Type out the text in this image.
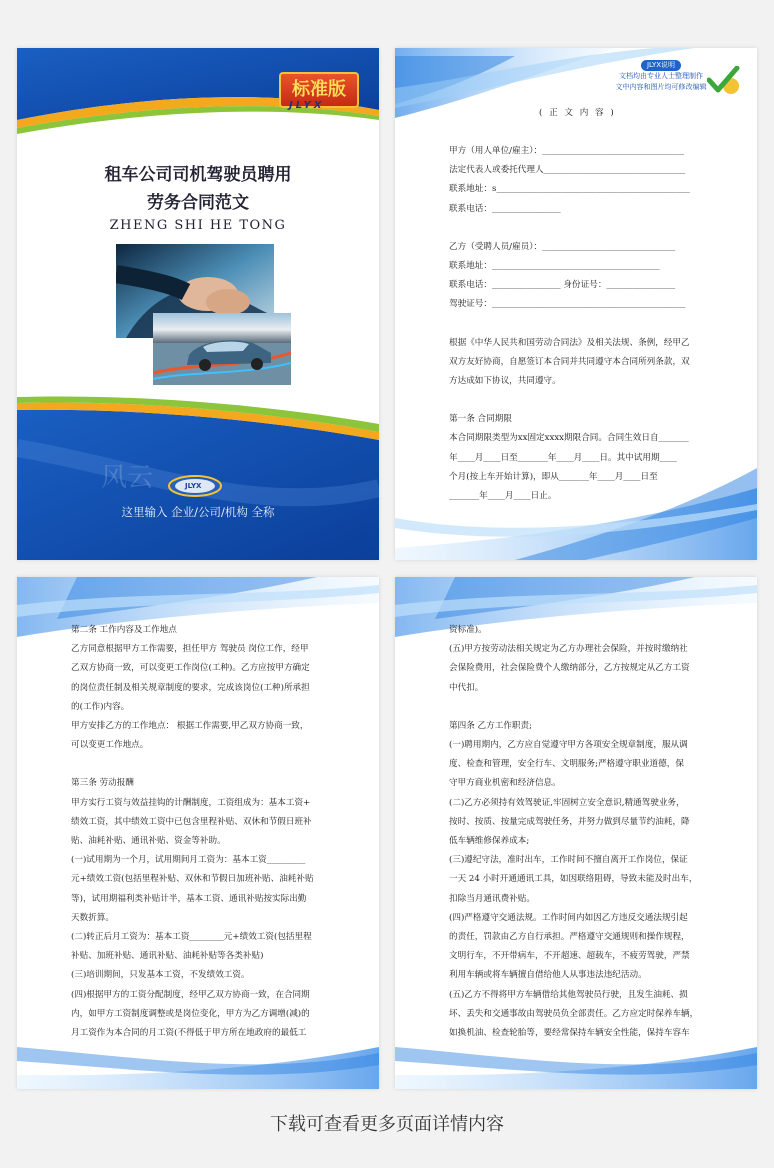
标准版
JLYX
租车公司司机驾驶员聘用
劳务合同范文
ZHENG SHI HE TONG
风云	JLYX
这里输入 企业/公司/机构 全称
JLYX说明
文档均由专业人士整理制作
文中内容和图片均可修改编辑
( 正 文 内 容 )

甲方（用人单位/雇主）：_________________________________

法定代表人或委托代理人_________________________________

联系地址：s_____________________________________________

联系电话：________________

乙方（受聘人员/雇员）：_______________________________

联系地址：_______________________________________

联系电话：________________ 身份证号：________________

驾驶证号：_____________________________________________

根据《中华人民共和国劳动合同法》及相关法规、条例，经甲乙

双方友好协商，自愿签订本合同并共同遵守本合同所列条款，双

方达成如下协议，共同遵守。

第一条 合同期限

本合同期限类型为xx固定xxxx期限合同。合同生效日自_______

年____月____日至_______年____月____日。其中试用期____

个月(按上车开始计算)，即从_______年____月____日至

_______年____月____日止。

第二条 工作内容及工作地点

乙方同意根据甲方工作需要，担任甲方 驾驶员 岗位工作，经甲

乙双方协商一致，可以变更工作岗位(工种)。乙方应按甲方确定

的岗位责任制及相关规章制度的要求，完成该岗位(工种)所承担

的(工作)内容。

甲方安排乙方的工作地点： 根据工作需要,甲乙双方协商一致，

可以变更工作地点。

第三条 劳动报酬

甲方实行工资与效益挂钩的计酬制度，工资组成为：基本工资+

绩效工资，其中绩效工资中已包含里程补贴、双休和节假日班补

贴、油耗补贴、通讯补贴、资金等补助。

(一)试用期为一个月，试用期间月工资为：基本工资_________

元+绩效工资(包括里程补贴、双休和节假日加班补贴、油耗补贴

等)，试用期福利类补贴计半，基本工资、通讯补贴按实际出勤

天数折算。

(二)转正后月工资为：基本工资________元+绩效工资(包括里程

补贴、加班补贴、通讯补贴、油耗补贴等各类补贴)

(三)培训期间，只发基本工资，不发绩效工资。

(四)根据甲方的工资分配制度，经甲乙双方协商一致，在合同期

内，如甲方工资制度调整或是岗位变化，甲方为乙方调增(减)的

月工资作为本合同的月工资(不得低于甲方所在地政府的最低工

资标准)。

(五)甲方按劳动法相关规定为乙方办理社会保险，并按时缴纳社

会保险费用，社会保险费个人缴纳部分，乙方按规定从乙方工资

中代扣。

第四条 乙方工作职责;

(一)聘用期内，乙方应自觉遵守甲方各项安全规章制度，服从调

度、检查和管理，安全行车、文明服务;严格遵守职业道德，保

守甲方商业机密和经济信息。

(二)乙方必须持有效驾驶证,牢固树立安全意识,精通驾驶业务，

按时、按质、按量完成驾驶任务，并努力做到尽量节约油耗，降

低车辆维修保养成本;

(三)遵纪守法，准时出车，工作时间不擅自离开工作岗位，保证

一天 24 小时开通通讯工具，如因联络阻碍，导致未能及时出车，

扣除当月通讯费补贴。

(四)严格遵守交通法规。工作时间内如因乙方违反交通法规引起

的责任，罚款由乙方自行承担。严格遵守交通规则和操作规程，

文明行车，不开带病车，不开超速、超载车，不疲劳驾驶，严禁

利用车辆或将车辆擅自借给他人从事违法违纪活动。

(五)乙方不得将甲方车辆借给其他驾驶员行驶，且发生油耗、损

坏、丢失和交通事故由驾驶员负全部责任。乙方应定时保养车辆，

如换机油、检查轮胎等，要经常保持车辆安全性能，保持车容车

下载可查看更多页面详情内容
